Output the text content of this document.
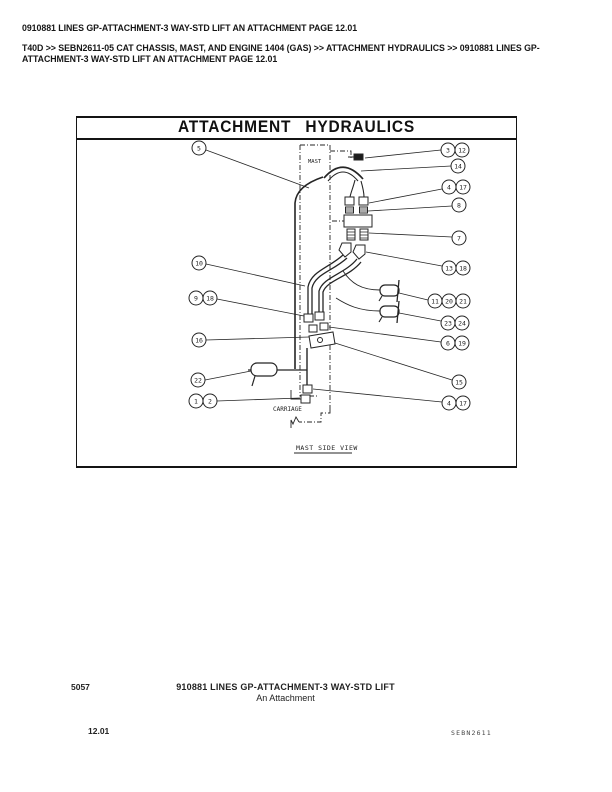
0910881 LINES GP-ATTACHMENT-3 WAY-STD LIFT AN ATTACHMENT PAGE 12.01
T40D >> SEBN2611-05 CAT CHASSIS, MAST, AND ENGINE 1404 (GAS) >> ATTACHMENT HYDRAULICS >> 0910881 LINES GP-ATTACHMENT-3 WAY-STD LIFT AN ATTACHMENT PAGE 12.01
ATTACHMENT HYDRAULICS
MAST
CARRIAGE
MAST SIDE VIEW
5
10
9 18
16
22
1 2
3 12
14
4 17
8
7
13 18
11 20 21
23 24
6 19
15
4 17
5057	910881 LINES GP-ATTACHMENT-3 WAY-STD LIFT
An Attachment
12.01	SEBN2611
